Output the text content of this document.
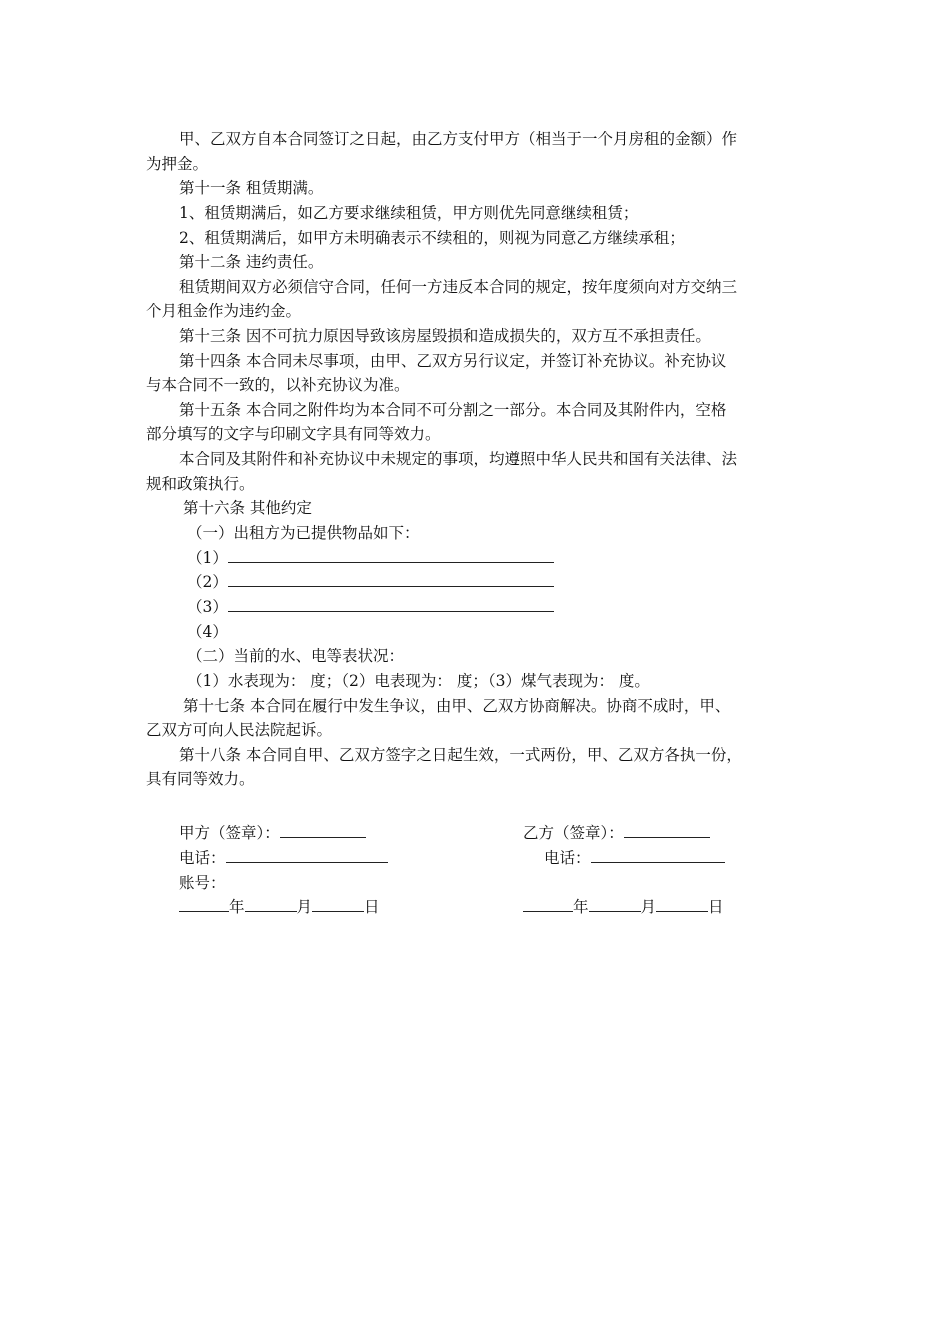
甲、乙双方自本合同签订之日起，由乙方支付甲方（相当于一个月房租的金额）作
为押金。
第十一条 租赁期满。
1、租赁期满后，如乙方要求继续租赁，甲方则优先同意继续租赁；
2、租赁期满后，如甲方未明确表示不续租的，则视为同意乙方继续承租；
第十二条 违约责任。
租赁期间双方必须信守合同，任何一方违反本合同的规定，按年度须向对方交纳三
个月租金作为违约金。
第十三条 因不可抗力原因导致该房屋毁损和造成损失的，双方互不承担责任。
第十四条 本合同未尽事项，由甲、乙双方另行议定，并签订补充协议。补充协议
与本合同不一致的，以补充协议为准。
第十五条 本合同之附件均为本合同不可分割之一部分。本合同及其附件内，空格
部分填写的文字与印刷文字具有同等效力。
本合同及其附件和补充协议中未规定的事项，均遵照中华人民共和国有关法律、法
规和政策执行。
第十六条 其他约定
（一）出租方为已提供物品如下：
（1）
（2）
（3）
（4）
（二）当前的水、电等表状况：
（1）水表现为： 度；（2）电表现为： 度；（3）煤气表现为： 度。
第十七条 本合同在履行中发生争议，由甲、乙双方协商解决。协商不成时，甲、
乙双方可向人民法院起诉。
第十八条 本合同自甲、乙双方签字之日起生效，一式两份，甲、乙双方各执一份，
具有同等效力。
甲方（签章）：
电话：
账号：
年	月	日
乙方（签章）：
电话：
年	月	日
